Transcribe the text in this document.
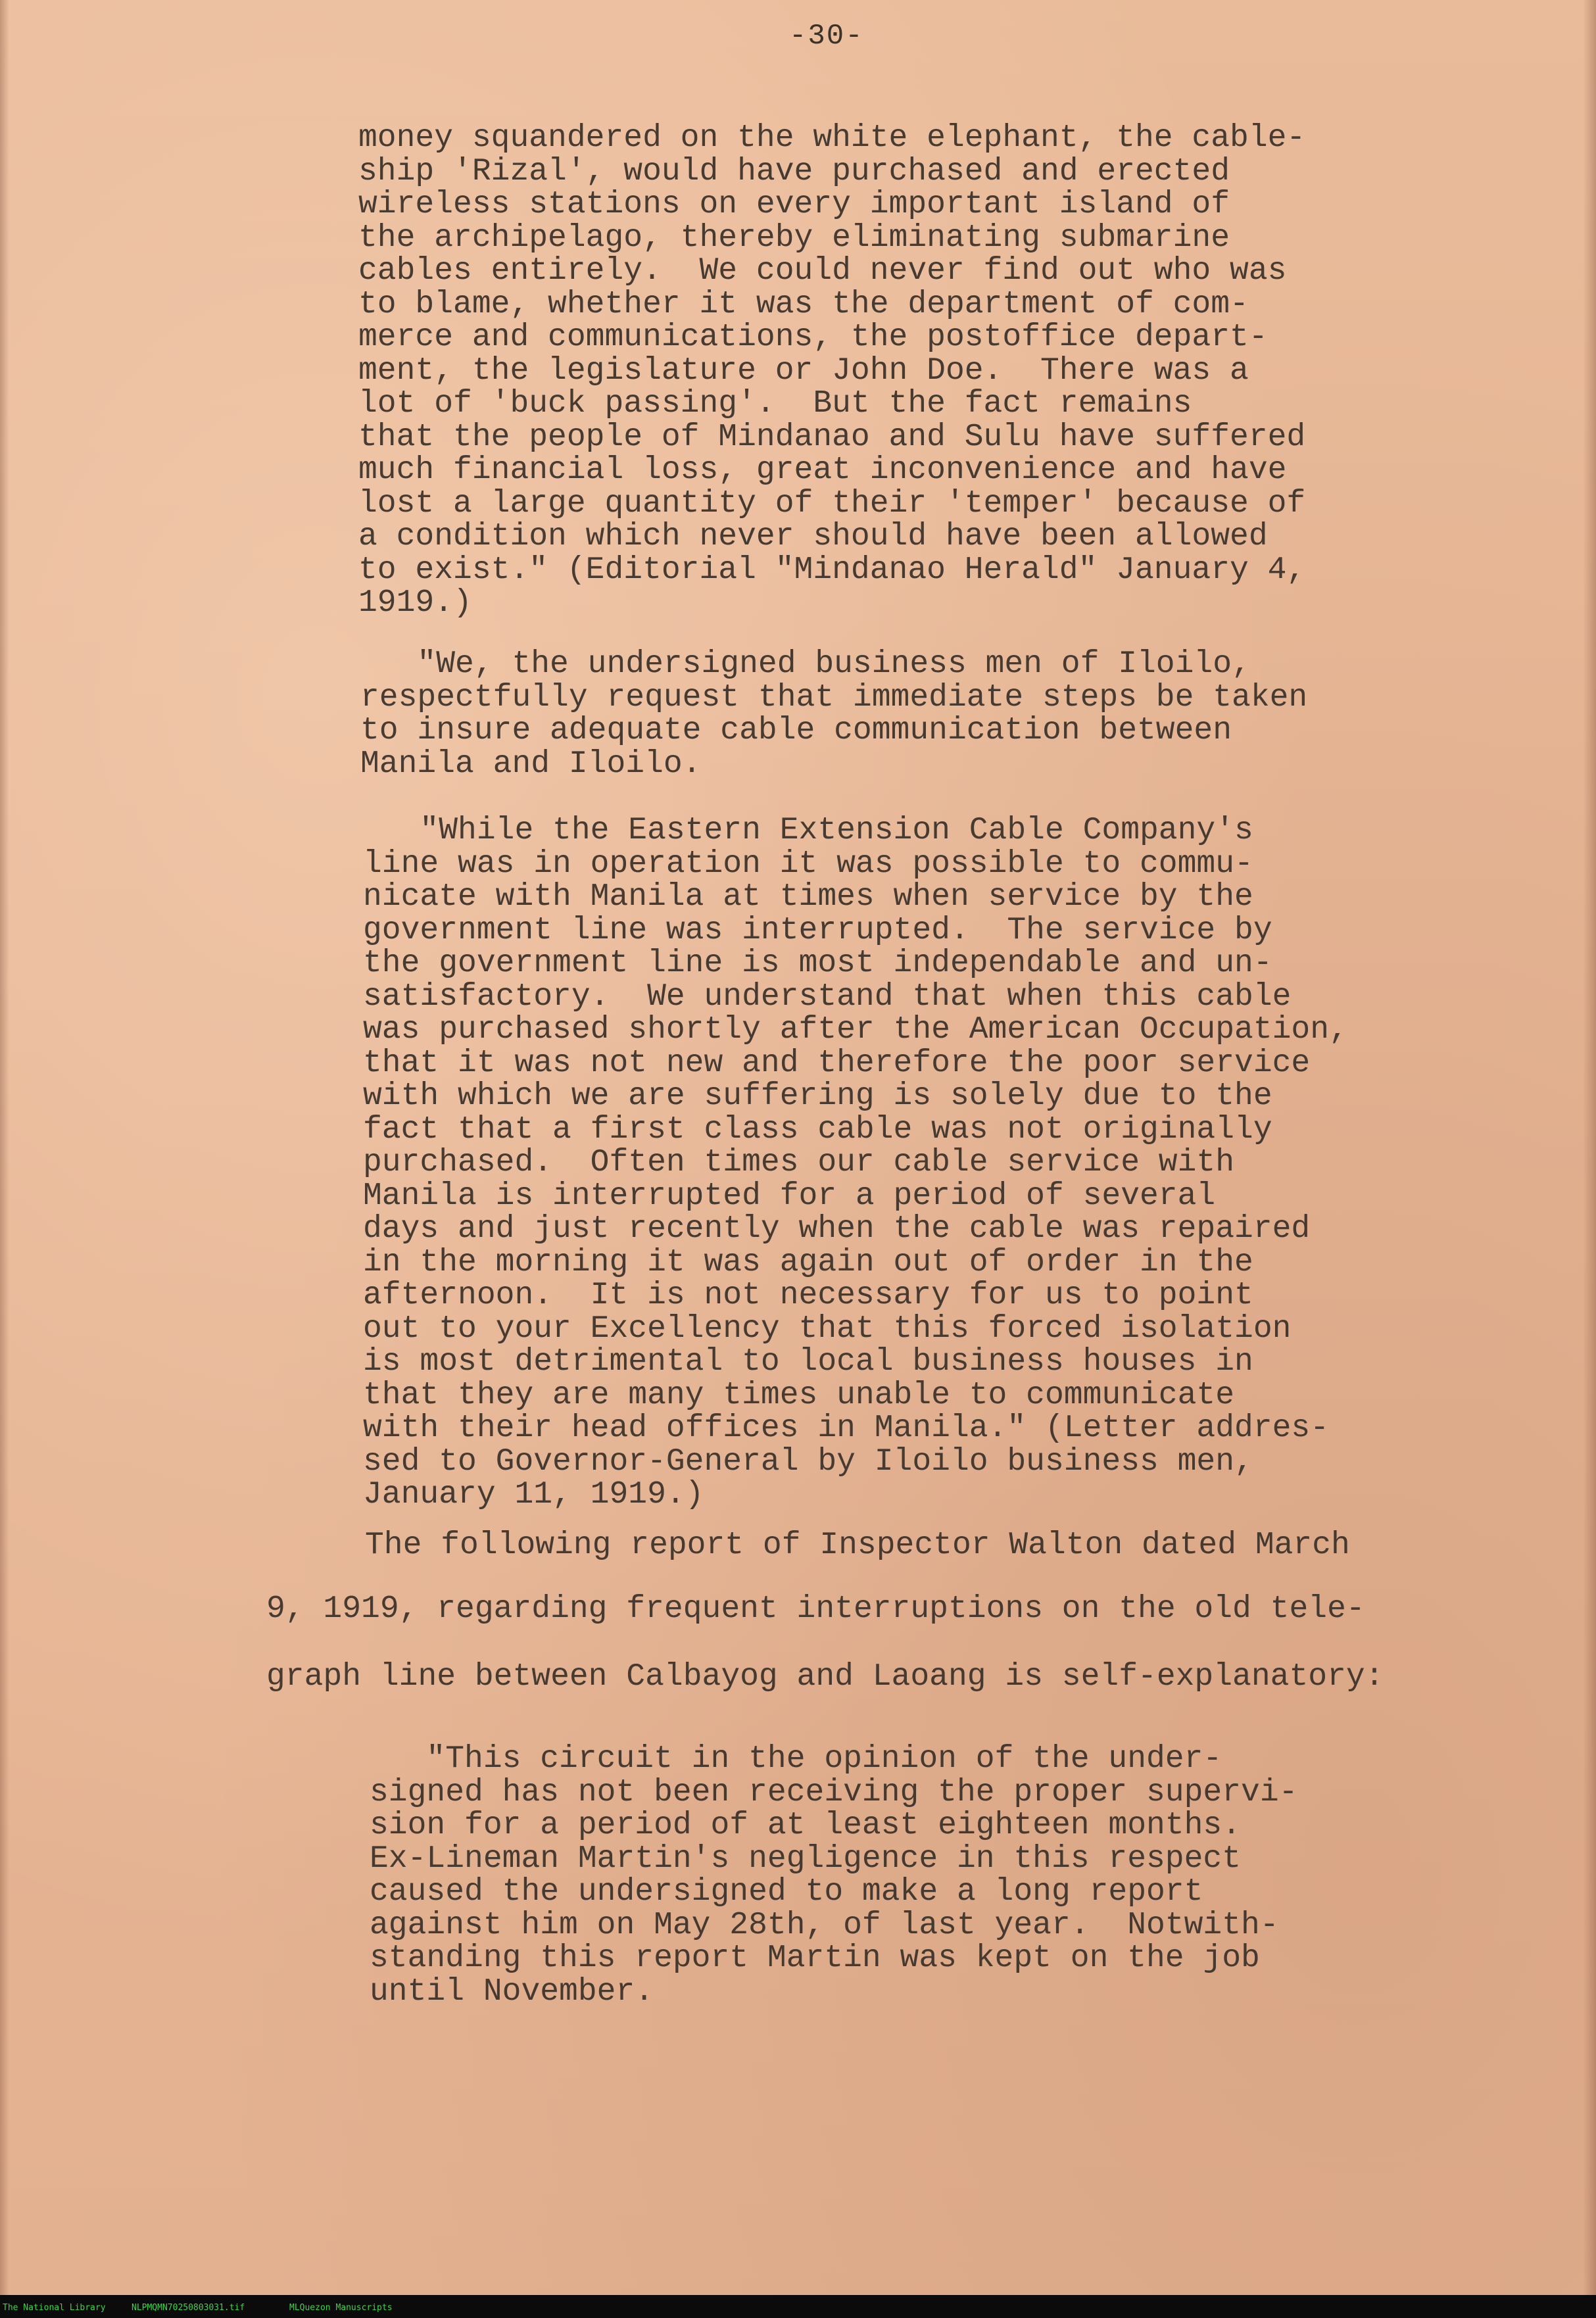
-30-
money squandered on the white elephant, the cable-
ship 'Rizal', would have purchased and erected
wireless stations on every important island of
the archipelago, thereby eliminating submarine
cables entirely.  We could never find out who was
to blame, whether it was the department of com-
merce and communications, the postoffice depart-
ment, the legislature or John Doe.  There was a
lot of 'buck passing'.  But the fact remains
that the people of Mindanao and Sulu have suffered
much financial loss, great inconvenience and have
lost a large quantity of their 'temper' because of
a condition which never should have been allowed
to exist." (Editorial "Mindanao Herald" January 4,
1919.)
"We, the undersigned business men of Iloilo,
respectfully request that immediate steps be taken
to insure adequate cable communication between
Manila and Iloilo.
"While the Eastern Extension Cable Company's
line was in operation it was possible to commu-
nicate with Manila at times when service by the
government line was interrupted.  The service by
the government line is most independable and un-
satisfactory.  We understand that when this cable
was purchased shortly after the American Occupation,
that it was not new and therefore the poor service
with which we are suffering is solely due to the
fact that a first class cable was not originally
purchased.  Often times our cable service with
Manila is interrupted for a period of several
days and just recently when the cable was repaired
in the morning it was again out of order in the
afternoon.  It is not necessary for us to point
out to your Excellency that this forced isolation
is most detrimental to local business houses in
that they are many times unable to communicate
with their head offices in Manila." (Letter addres-
sed to Governor-General by Iloilo business men,
January 11, 1919.)
The following report of Inspector Walton dated March
9, 1919, regarding frequent interruptions on the old tele-
graph line between Calbayog and Laoang is self-explanatory:
"This circuit in the opinion of the under-
signed has not been receiving the proper supervi-
sion for a period of at least eighteen months.
Ex-Lineman Martin's negligence in this respect
caused the undersigned to make a long report
against him on May 28th, of last year.  Notwith-
standing this report Martin was kept on the job
until November.
The National Library	NLPMQMN70250803031.tif	MLQuezon Manuscripts
